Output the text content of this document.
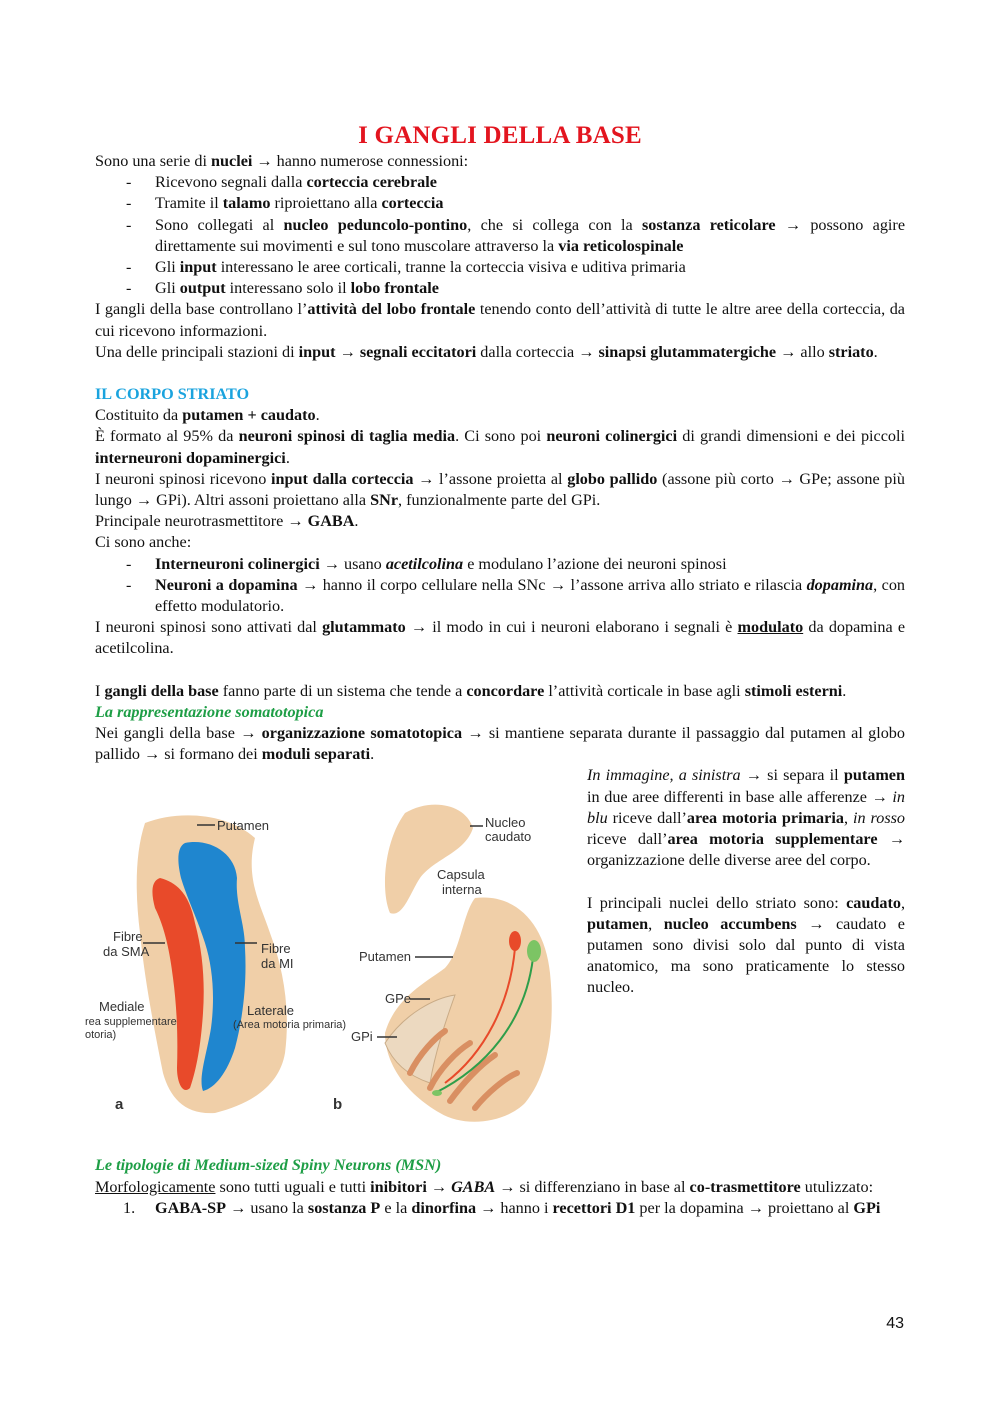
I GANGLI DELLA BASE

Sono una serie di nuclei → hanno numerose connessioni:

- Ricevono segnali dalla corteccia cerebrale
- Tramite il talamo riproiettano alla corteccia
- Sono collegati al nucleo peduncolo-pontino, che si collega con la sostanza reticolare → possono agire direttamente sui movimenti e sul tono muscolare attraverso la via reticolospinale
- Gli input interessano le aree corticali, tranne la corteccia visiva e uditiva primaria
- Gli output interessano solo il lobo frontale

I gangli della base controllano l’attività del lobo frontale tenendo conto dell’attività di tutte le altre aree della corteccia, da cui ricevono informazioni.

Una delle principali stazioni di input → segnali eccitatori dalla corteccia → sinapsi glutammatergiche → allo striato.

IL CORPO STRIATO

Costituito da putamen + caudato.

È formato al 95% da neuroni spinosi di taglia media. Ci sono poi neuroni colinergici di grandi dimensioni e dei piccoli interneuroni dopaminergici.

I neuroni spinosi ricevono input dalla corteccia → l’assone proietta al globo pallido (assone più corto → GPe; assone più lungo → GPi). Altri assoni proiettano alla SNr, funzionalmente parte del GPi.

Principale neurotrasmettitore → GABA.

Ci sono anche:

- Interneuroni colinergici → usano acetilcolina e modulano l’azione dei neuroni spinosi
- Neuroni a dopamina → hanno il corpo cellulare nella SNc → l’assone arriva allo striato e rilascia dopamina, con effetto modulatorio.

I neuroni spinosi sono attivati dal glutammato → il modo in cui i neuroni elaborano i segnali è modulato da dopamina e acetilcolina.

I gangli della base fanno parte di un sistema che tende a concordare l’attività corticale in base agli stimoli esterni.

La rappresentazione somatotopica

Nei gangli della base → organizzazione somatotopica → si mantiene separata durante il passaggio dal putamen al globo pallido → si formano dei moduli separati.

Putamen
Fibre
da SMA	Fibre
da MI
Mediale
rea supplementare
otoria)
Laterale
(Area motoria primaria)
a
Nucleo
caudato
Capsula
interna
Putamen
GPe
GPi
b

In immagine, a sinistra → si separa il putamen in due aree differenti in base alle afferenze → in blu riceve dall’area motoria primaria, in rosso riceve dall’area motoria supplementare → organizzazione delle diverse aree del corpo.

I principali nuclei dello striato sono: caudato, putamen, nucleo accumbens → caudato e putamen sono divisi solo dal punto di vista anatomico, ma sono praticamente lo stesso nucleo.

Le tipologie di Medium-sized Spiny Neurons (MSN)

Morfologicamente sono tutti uguali e tutti inibitori → GABA → si differenziano in base al co-trasmettitore utulizzato:

1. GABA-SP → usano la sostanza P e la dinorfina → hanno i recettori D1 per la dopamina → proiettano al GPi
43
